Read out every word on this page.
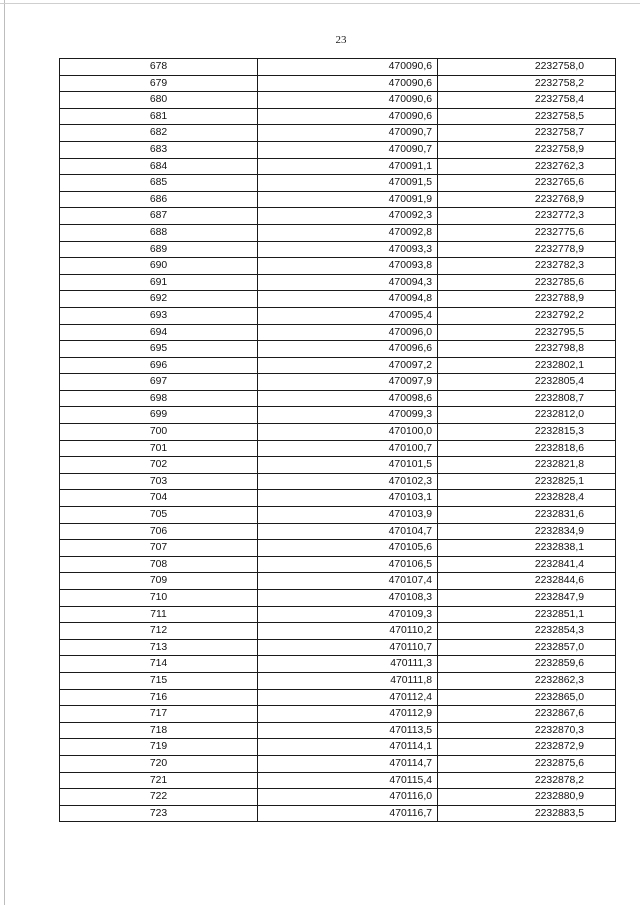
23
678	470090,6	2232758,0
679	470090,6	2232758,2
680	470090,6	2232758,4
681	470090,6	2232758,5
682	470090,7	2232758,7
683	470090,7	2232758,9
684	470091,1	2232762,3
685	470091,5	2232765,6
686	470091,9	2232768,9
687	470092,3	2232772,3
688	470092,8	2232775,6
689	470093,3	2232778,9
690	470093,8	2232782,3
691	470094,3	2232785,6
692	470094,8	2232788,9
693	470095,4	2232792,2
694	470096,0	2232795,5
695	470096,6	2232798,8
696	470097,2	2232802,1
697	470097,9	2232805,4
698	470098,6	2232808,7
699	470099,3	2232812,0
700	470100,0	2232815,3
701	470100,7	2232818,6
702	470101,5	2232821,8
703	470102,3	2232825,1
704	470103,1	2232828,4
705	470103,9	2232831,6
706	470104,7	2232834,9
707	470105,6	2232838,1
708	470106,5	2232841,4
709	470107,4	2232844,6
710	470108,3	2232847,9
711	470109,3	2232851,1
712	470110,2	2232854,3
713	470110,7	2232857,0
714	470111,3	2232859,6
715	470111,8	2232862,3
716	470112,4	2232865,0
717	470112,9	2232867,6
718	470113,5	2232870,3
719	470114,1	2232872,9
720	470114,7	2232875,6
721	470115,4	2232878,2
722	470116,0	2232880,9
723	470116,7	2232883,5
